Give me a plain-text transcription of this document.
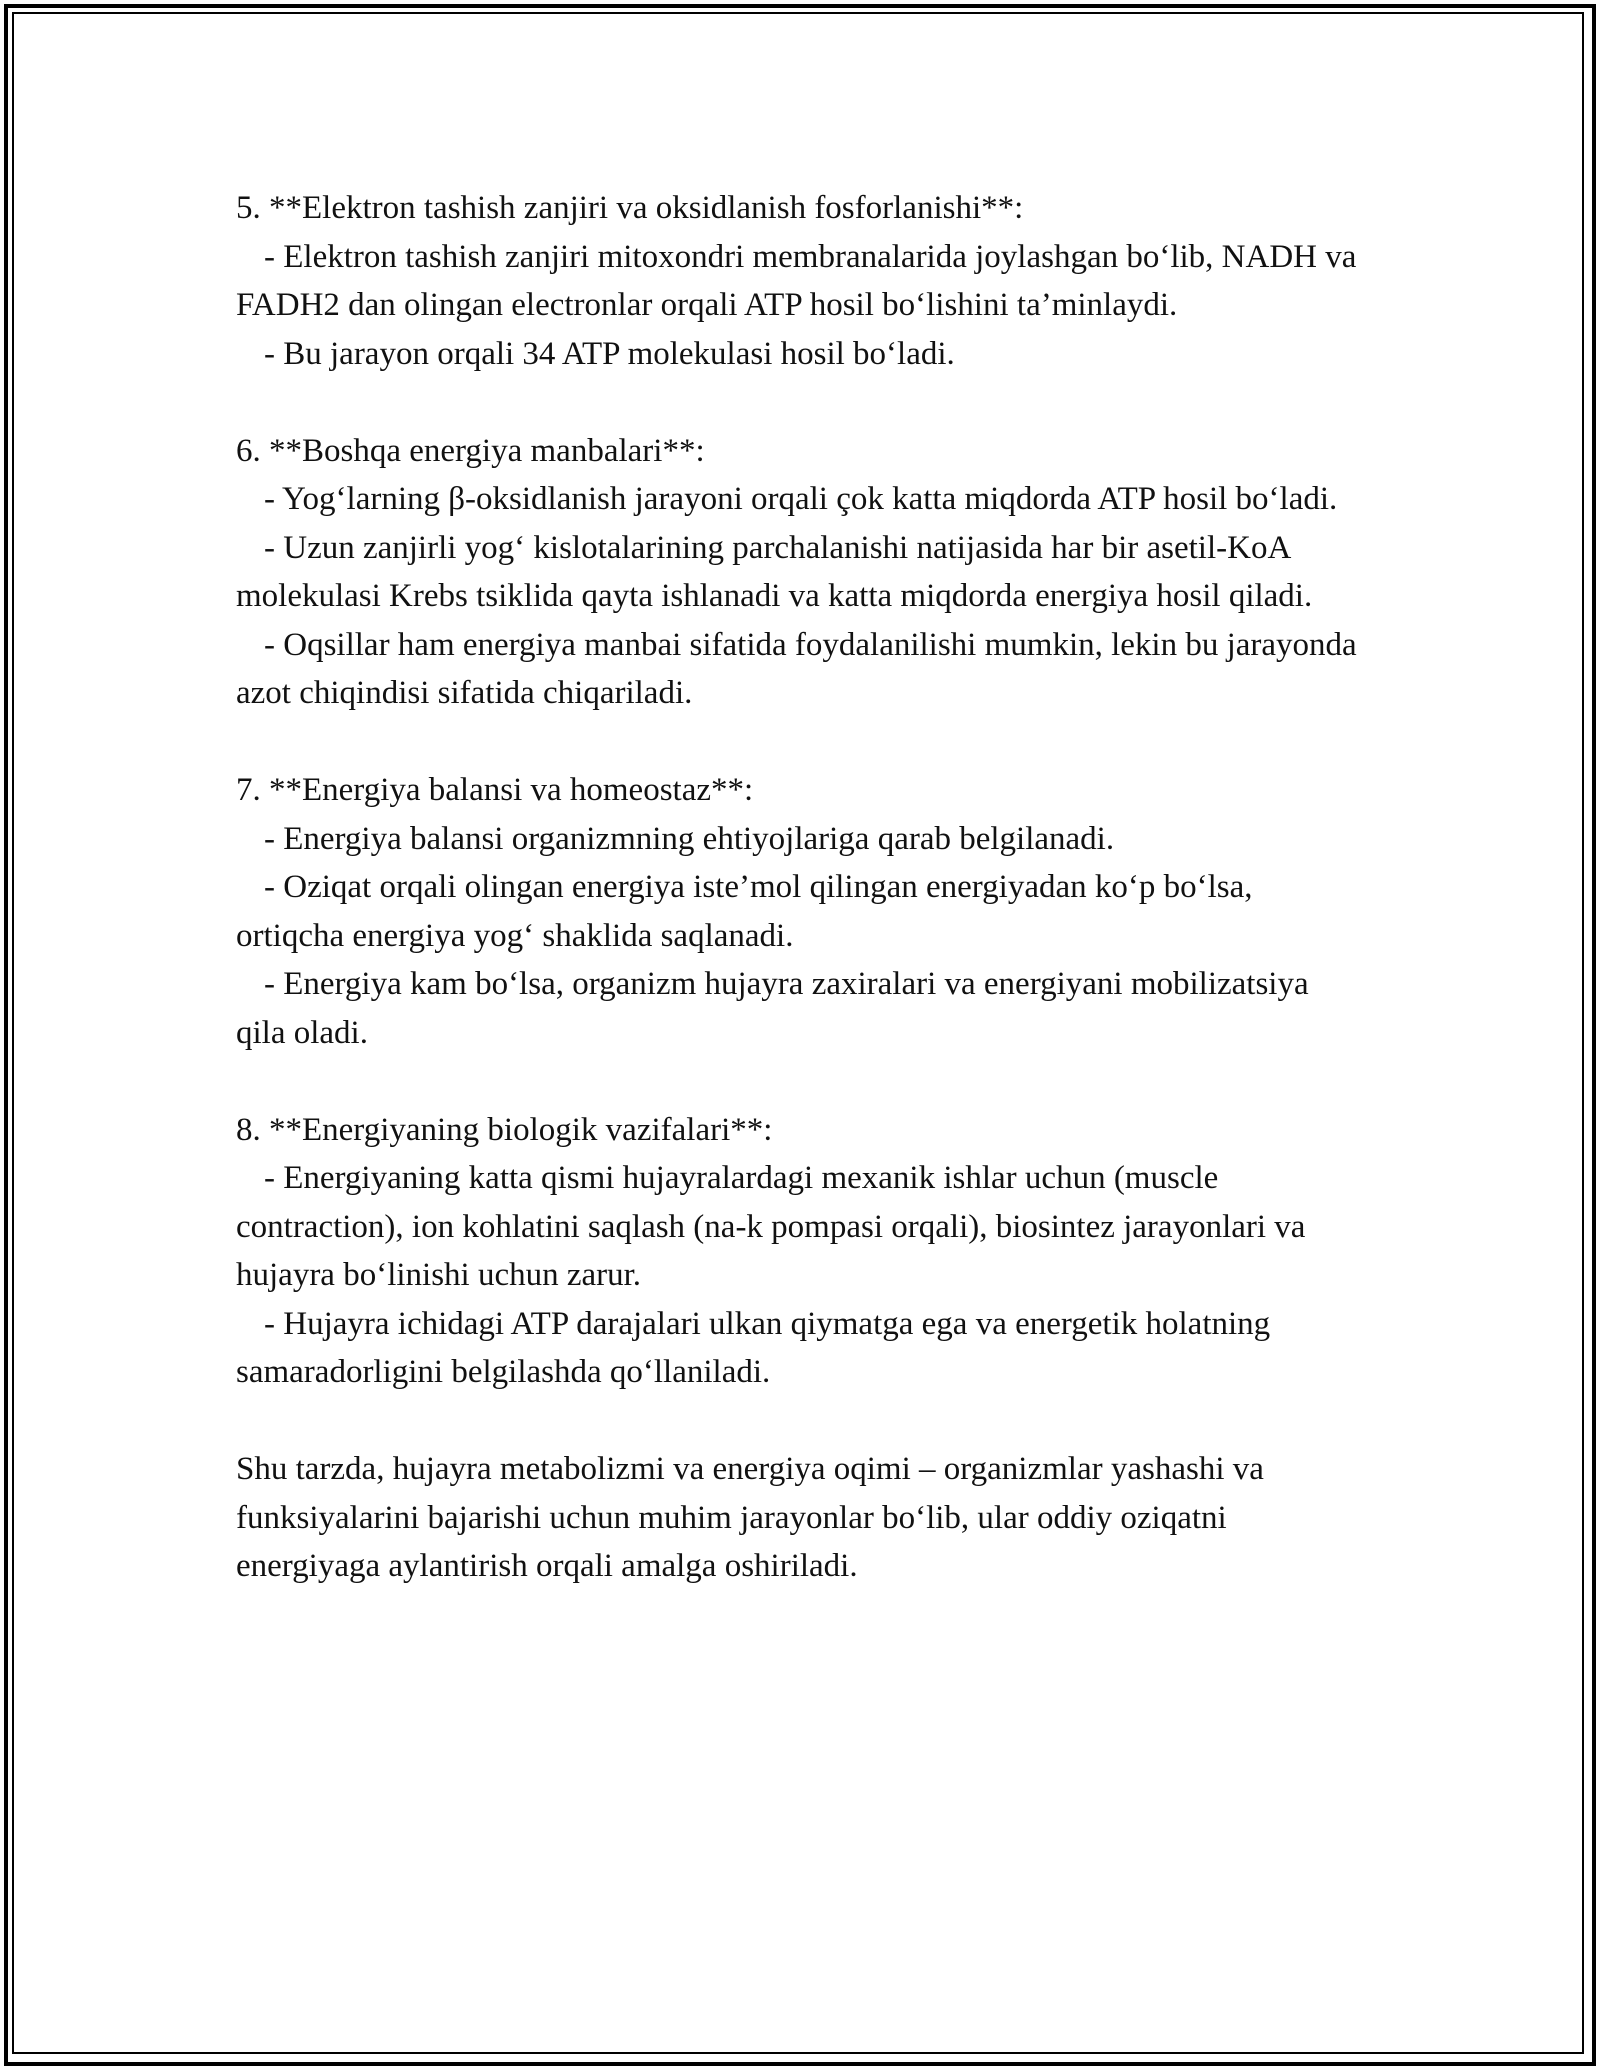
5. **Elektron tashish zanjiri va oksidlanish fosforlanishi**:

- Elektron tashish zanjiri mitoxondri membranalarida joylashgan bo‘lib, NADH va FADH2 dan olingan electronlar orqali ATP hosil bo‘lishini ta’minlaydi.

- Bu jarayon orqali 34 ATP molekulasi hosil bo‘ladi.

6. **Boshqa energiya manbalari**:

- Yog‘larning β-oksidlanish jarayoni orqali çok katta miqdorda ATP hosil bo‘ladi.

- Uzun zanjirli yog‘ kislotalarining parchalanishi natijasida har bir asetil-KoA molekulasi Krebs tsiklida qayta ishlanadi va katta miqdorda energiya hosil qiladi.

- Oqsillar ham energiya manbai sifatida foydalanilishi mumkin, lekin bu jarayonda azot chiqindisi sifatida chiqariladi.

7. **Energiya balansi va homeostaz**:

- Energiya balansi organizmning ehtiyojlariga qarab belgilanadi.

- Oziqat orqali olingan energiya iste’mol qilingan energiyadan ko‘p bo‘lsa, ortiqcha energiya yog‘ shaklida saqlanadi.

- Energiya kam bo‘lsa, organizm hujayra zaxiralari va energiyani mobilizatsiya qila oladi.

8. **Energiyaning biologik vazifalari**:

- Energiyaning katta qismi hujayralardagi mexanik ishlar uchun (muscle contraction), ion kohlatini saqlash (na-k pompasi orqali), biosintez jarayonlari va hujayra bo‘linishi uchun zarur.

- Hujayra ichidagi ATP darajalari ulkan qiymatga ega va energetik holatning samaradorligini belgilashda qo‘llaniladi.

Shu tarzda, hujayra metabolizmi va energiya oqimi – organizmlar yashashi va funksiyalarini bajarishi uchun muhim jarayonlar bo‘lib, ular oddiy oziqatni energiyaga aylantirish orqali amalga oshiriladi.
